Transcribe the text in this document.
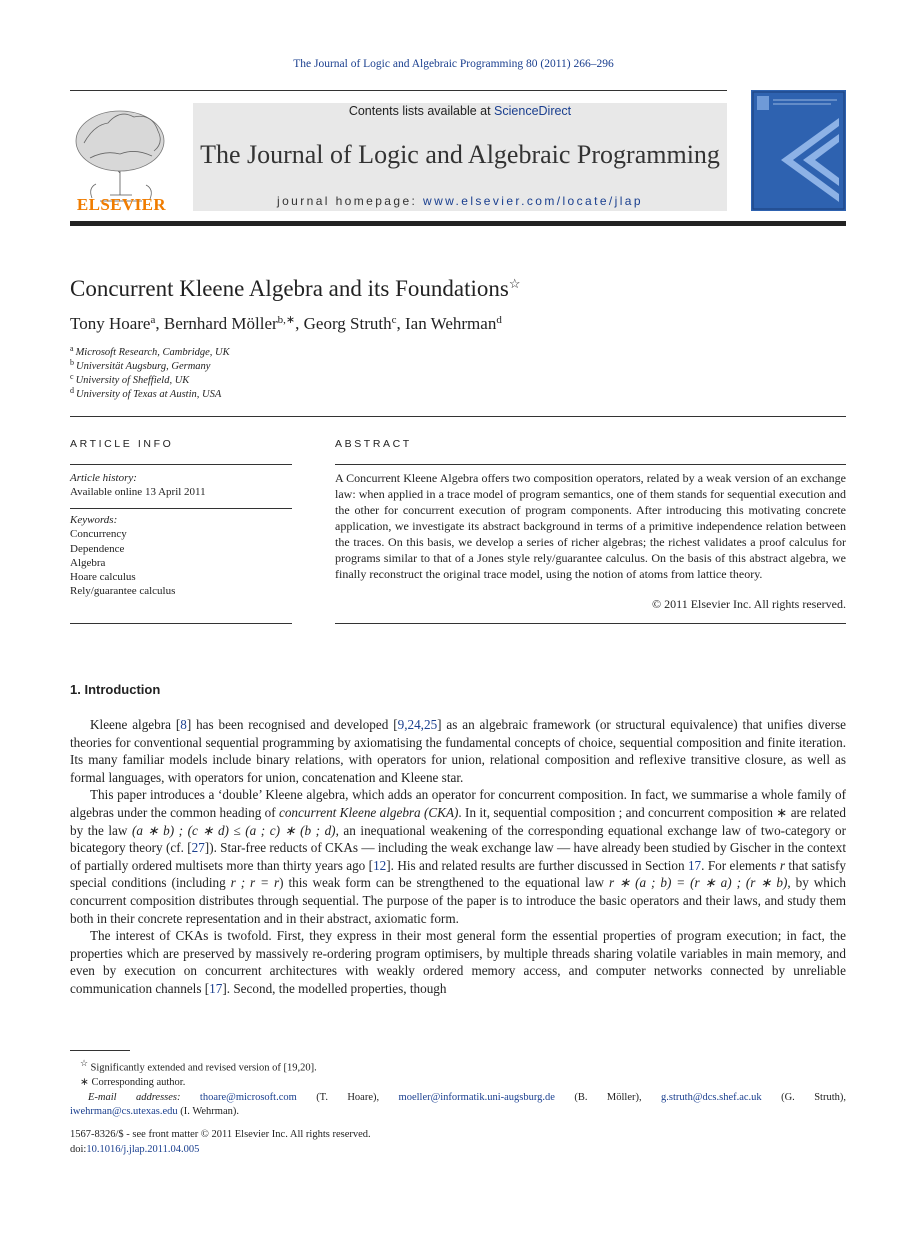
The Journal of Logic and Algebraic Programming 80 (2011) 266–296
ELSEVIER
Contents lists available at ScienceDirect
The Journal of Logic and Algebraic Programming
journal homepage: www.elsevier.com/locate/jlap
Concurrent Kleene Algebra and its Foundations☆
Tony Hoare$^a$, Bernhard Möller$^{b,∗}$, Georg Struth$^c$, Ian Wehrman$^d$
$^a$ Microsoft Research, Cambridge, UK
$^b$ Universität Augsburg, Germany
$^c$ University of Sheffield, UK
$^d$ University of Texas at Austin, USA
ARTICLE INFO
Article history:
Available online 13 April 2011
Keywords:
Concurrency
Dependence
Algebra
Hoare calculus
Rely/guarantee calculus
ABSTRACT
A Concurrent Kleene Algebra offers two composition operators, related by a weak version of an exchange law: when applied in a trace model of program semantics, one of them stands for sequential execution and the other for concurrent execution of program components. After introducing this motivating concrete application, we investigate its abstract background in terms of a primitive independence relation between the traces. On this basis, we develop a series of richer algebras; the richest validates a proof calculus for programs similar to that of a Jones style rely/guarantee calculus. On the basis of this abstract algebra, we finally reconstruct the original trace model, using the notion of atoms from lattice theory.
© 2011 Elsevier Inc. All rights reserved.
1. Introduction

Kleene algebra [8] has been recognised and developed [9,24,25] as an algebraic framework (or structural equivalence) that unifies diverse theories for conventional sequential programming by axiomatising the fundamental concepts of choice, sequential composition and finite iteration. Its many familiar models include binary relations, with operators for union, relational composition and reflexive transitive closure, as well as formal languages, with operators for union, concatenation and Kleene star.

This paper introduces a ‘double’ Kleene algebra, which adds an operator for concurrent composition. In fact, we summarise a whole family of algebras under the common heading of concurrent Kleene algebra (CKA). In it, sequential composition ; and concurrent composition ∗ are related by the law (a ∗ b) ; (c ∗ d) ≤ (a ; c) ∗ (b ; d), an inequational weakening of the corresponding equational exchange law of two-category or bicategory theory (cf. [27]). Star-free reducts of CKAs — including the weak exchange law — have already been studied by Gischer in the context of partially ordered multisets more than thirty years ago [12]. His and related results are further discussed in Section 17. For elements r that satisfy special conditions (including r ; r = r) this weak form can be strengthened to the equational law r ∗ (a ; b) = (r ∗ a) ; (r ∗ b), by which concurrent composition distributes through sequential. The purpose of the paper is to introduce the basic operators and their laws, and study them both in their concrete representation and in their abstract, axiomatic form.

The interest of CKAs is twofold. First, they express in their most general form the essential properties of program execution; in fact, the properties which are preserved by massively re-ordering program optimisers, by multiple threads sharing volatile variables in main memory, and even by execution on concurrent architectures with weakly ordered memory access, and computer networks connected by unreliable communication channels [17]. Second, the modelled properties, though

☆ Significantly extended and revised version of [19,20].
∗ Corresponding author.
E-mail addresses: thoare@microsoft.com (T. Hoare), moeller@informatik.uni-augsburg.de (B. Möller), g.struth@dcs.shef.ac.uk (G. Struth),
iwehrman@cs.utexas.edu (I. Wehrman).
1567-8326/$ - see front matter © 2011 Elsevier Inc. All rights reserved.
doi:10.1016/j.jlap.2011.04.005
